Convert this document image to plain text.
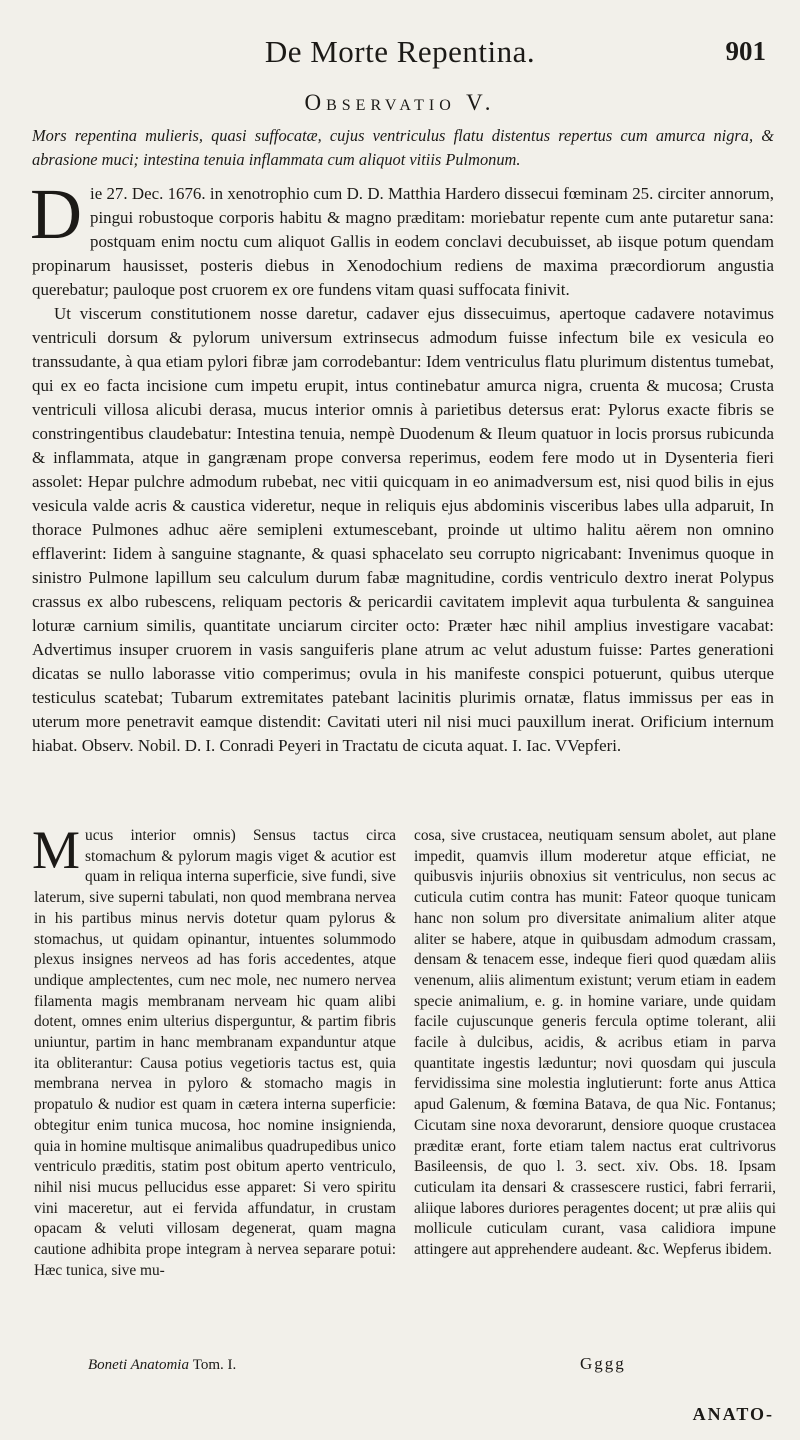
De Morte Repentina.	901
Observatio V.
Mors repentina mulieris, quasi suffocatæ, cujus ventriculus flatu distentus repertus cum amurca nigra, & abrasione muci; intestina tenuia inflammata cum aliquot vitiis Pulmonum.

Die 27. Dec. 1676. in xenotrophio cum D. D. Matthia Hardero dissecui fœminam 25. circiter annorum, pingui robustoque corporis habitu & magno præditam: moriebatur repente cum ante putaretur sana: postquam enim noctu cum aliquot Gallis in eodem conclavi decubuisset, ab iisque potum quendam propinarum hausisset, posteris diebus in Xenodochium rediens de maxima præcordiorum angustia querebatur; pauloque post cruorem ex ore fundens vitam quasi suffocata finivit.

Ut viscerum constitutionem nosse daretur, cadaver ejus dissecuimus, apertoque cadavere notavimus ventriculi dorsum & pylorum universum extrinsecus admodum fuisse infectum bile ex vesicula eo transsudante, à qua etiam pylori fibræ jam corrodebantur: Idem ventriculus flatu plurimum distentus tumebat, qui ex eo facta incisione cum impetu erupit, intus continebatur amurca nigra, cruenta & mucosa; Crusta ventriculi villosa alicubi derasa, mucus interior omnis à parietibus detersus erat: Pylorus exacte fibris se constringentibus claudebatur: Intestina tenuia, nempè Duodenum & Ileum quatuor in locis prorsus rubicunda & inflammata, atque in gangrænam prope conversa reperimus, eodem fere modo ut in Dysenteria fieri assolet: Hepar pulchre admodum rubebat, nec vitii quicquam in eo animadversum est, nisi quod bilis in ejus vesicula valde acris & caustica videretur, neque in reliquis ejus abdominis visceribus labes ulla adparuit, In thorace Pulmones adhuc aëre semipleni extumescebant, proinde ut ultimo halitu aërem non omnino efflaverint: Iidem à sanguine stagnante, & quasi sphacelato seu corrupto nigricabant: Invenimus quoque in sinistro Pulmone lapillum seu calculum durum fabæ magnitudine, cordis ventriculo dextro inerat Polypus crassus ex albo rubescens, reliquam pectoris & pericardii cavitatem implevit aqua turbulenta & sanguinea loturæ carnium similis, quantitate unciarum circiter octo: Præter hæc nihil amplius investigare vacabat: Advertimus insuper cruorem in vasis sanguiferis plane atrum ac velut adustum fuisse: Partes generationi dicatas se nullo laborasse vitio comperimus; ovula in his manifeste conspici potuerunt, quibus uterque testiculus scatebat; Tubarum extremitates patebant lacinitis plurimis ornatæ, flatus immissus per eas in uterum more penetravit eamque distendit: Cavitati uteri nil nisi muci pauxillum inerat. Orificium internum hiabat. Observ. Nobil. D. I. Conradi Peyeri in Tractatu de cicuta aquat. I. Iac. VVepferi.

Mucus interior omnis) Sensus tactus circa stomachum & pylorum magis viget & acutior est quam in reliqua interna superficie, sive fundi, sive laterum, sive superni tabulati, non quod membrana nervea in his partibus minus nervis dotetur quam pylorus & stomachus, ut quidam opinantur, intuentes solummodo plexus insignes nerveos ad has foris accedentes, atque undique amplectentes, cum nec mole, nec numero nervea filamenta magis membranam nerveam hic quam alibi dotent, omnes enim ulterius disperguntur, & partim fibris uniuntur, partim in hanc membranam expanduntur atque ita obliterantur: Causa potius vegetioris tactus est, quia membrana nervea in pyloro & stomacho magis in propatulo & nudior est quam in cætera interna superficie: obtegitur enim tunica mucosa, hoc nomine insignienda, quia in homine multisque animalibus quadrupedibus unico ventriculo præditis, statim post obitum aperto ventriculo, nihil nisi mucus pellucidus esse apparet: Si vero spiritu vini maceretur, aut ei fervida affundatur, in crustam opacam & veluti villosam degenerat, quam magna cautione adhibita prope integram à nervea separare potui: Hæc tunica, sive mu-

cosa, sive crustacea, neutiquam sensum abolet, aut plane impedit, quamvis illum moderetur atque efficiat, ne quibusvis injuriis obnoxius sit ventriculus, non secus ac cuticula cutim contra has munit: Fateor quoque tunicam hanc non solum pro diversitate animalium aliter atque aliter se habere, atque in quibusdam admodum crassam, densam & tenacem esse, indeque fieri quod quædam aliis venenum, aliis alimentum existunt; verum etiam in eadem specie animalium, e. g. in homine variare, unde quidam facile cujuscunque generis fercula optime tolerant, alii facile à dulcibus, acidis, & acribus etiam in parva quantitate ingestis læduntur; novi quosdam qui juscula fervidissima sine molestia inglutierunt: forte anus Attica apud Galenum, & fœmina Batava, de qua Nic. Fontanus; Cicutam sine noxa devorarunt, densiore quoque crustacea præditæ erant, forte etiam talem nactus erat cultrivorus Basileensis, de quo l. 3. sect. xiv. Obs. 18. Ipsam cuticulam ita densari & crassescere rustici, fabri ferrarii, aliique labores duriores peragentes docent; ut præ aliis qui mollicule cuticulam curant, vasa calidiora impune attingere aut apprehendere audeant. &c. Wepferus ibidem.

Boneti Anatomia Tom. I.	Gggg
ANATO-
